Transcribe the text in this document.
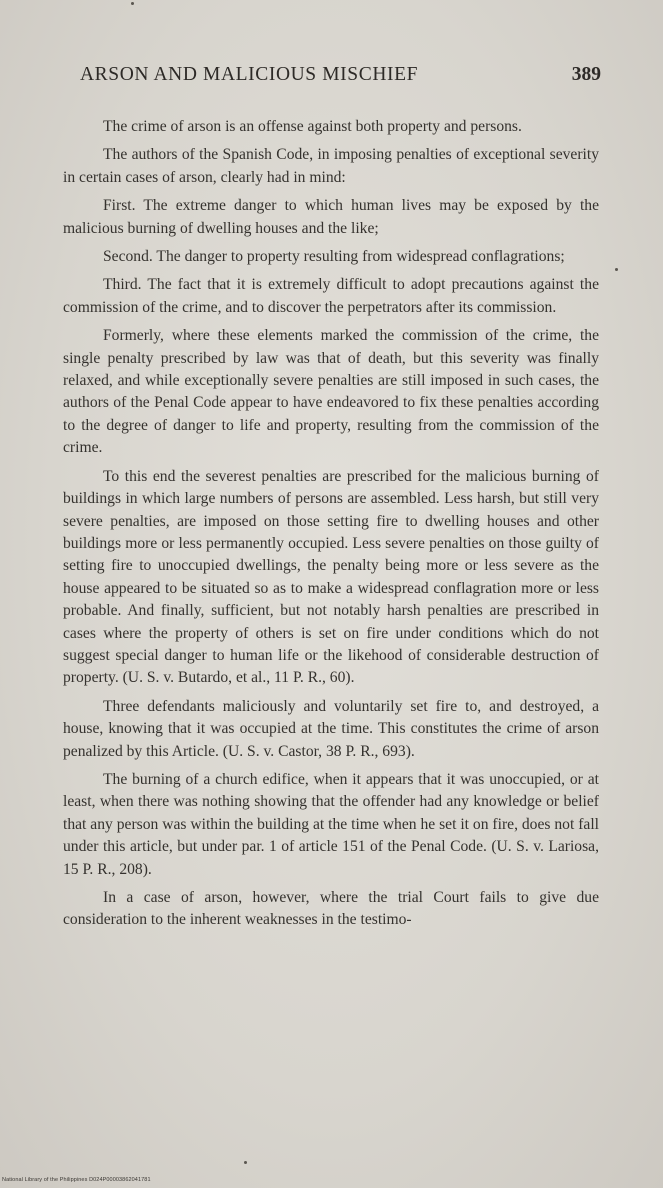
ARSON AND MALICIOUS MISCHIEF	389

The crime of arson is an offense against both property and persons.

The authors of the Spanish Code, in imposing penalties of exceptional severity in certain cases of arson, clearly had in mind:

First. The extreme danger to which human lives may be exposed by the malicious burning of dwelling houses and the like;

Second. The danger to property resulting from widespread conflagrations;

Third. The fact that it is extremely difficult to adopt precautions against the commission of the crime, and to discover the perpetrators after its commission.

Formerly, where these elements marked the commission of the crime, the single penalty prescribed by law was that of death, but this severity was finally relaxed, and while exceptionally severe penalties are still imposed in such cases, the authors of the Penal Code appear to have endeavored to fix these penalties according to the degree of danger to life and property, resulting from the commission of the crime.

To this end the severest penalties are prescribed for the malicious burning of buildings in which large numbers of persons are assembled. Less harsh, but still very severe penalties, are imposed on those setting fire to dwelling houses and other buildings more or less permanently occupied. Less severe penalties on those guilty of setting fire to unoccupied dwellings, the penalty being more or less severe as the house appeared to be situated so as to make a widespread conflagration more or less probable. And finally, sufficient, but not notably harsh penalties are prescribed in cases where the property of others is set on fire under conditions which do not suggest special danger to human life or the likehood of considerable destruction of property. (U. S. v. Butardo, et al., 11 P. R., 60).

Three defendants maliciously and voluntarily set fire to, and destroyed, a house, knowing that it was occupied at the time. This constitutes the crime of arson penalized by this Article. (U. S. v. Castor, 38 P. R., 693).

The burning of a church edifice, when it appears that it was unoccupied, or at least, when there was nothing showing that the offender had any knowledge or belief that any person was within the building at the time when he set it on fire, does not fall under this article, but under par. 1 of article 151 of the Penal Code. (U. S. v. Lariosa, 15 P. R., 208).

In a case of arson, however, where the trial Court fails to give due consideration to the inherent weaknesses in the testimo-

National Library of the Philippines D024P00003862041781
